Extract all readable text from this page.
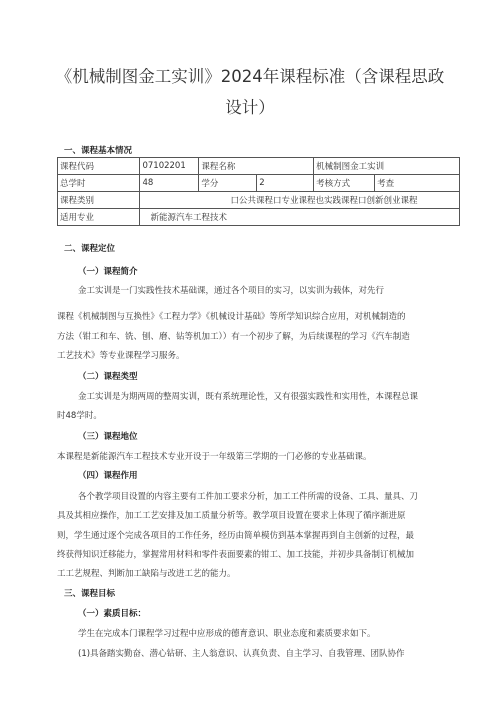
《机械制图金工实训》2024年课程标准（含课程思政
设计）
一、课程基本情况
课程代码	07102201	课程名称		机械制图金工实训	
总学时	48	学分	2	考核方式	考查
课程类别	口公共课程口专业课程也实践课程口创新创业课程				
适用专业	新能源汽车工程技术				
二、课程定位
（一）课程简介
金工实训是一门实践性技术基础课，通过各个项目的实习，以实训为载体，对先行
课程《机械制图与互换性》《工程力学》《机械设计基础》等所学知识综合应用，对机械制造的
方法（钳工和车、铣、刨、磨、钻等机加工））有一个初步了解，为后续课程的学习《汽车制造
工艺技术》等专业课程学习服务。
（二）课程类型
金工实训是为期两周的整周实训，既有系统理论性，又有很强实践性和实用性，本课程总课
时48学时。
（三）课程地位
本课程是新能源汽车工程技术专业开设于一年级第三学期的一门必修的专业基础课。
（四）课程作用
各个教学项目设置的内容主要有工件加工要求分析，加工工件所需的设备、工具、量具、刀
具及其相应操作，加工工艺安排及加工质量分析等。教学项目设置在要求上体现了循序渐进原
则，学生通过逐个完成各项目的工作任务，经历由简单模仿到基本掌握再到自主创新的过程，最
终获得知识迁移能力，掌握常用材料和零件表面要素的钳工、加工技能，并初步具备制订机械加
工工艺规程、判断加工缺陷与改进工艺的能力。
三、课程目标
（一）素质目标：
学生在完成本门课程学习过程中应形成的德育意识、职业态度和素质要求如下。
(1)具备踏实勤奋、潜心钻研、主人翁意识、认真负责、自主学习、自我管理、团队协作
